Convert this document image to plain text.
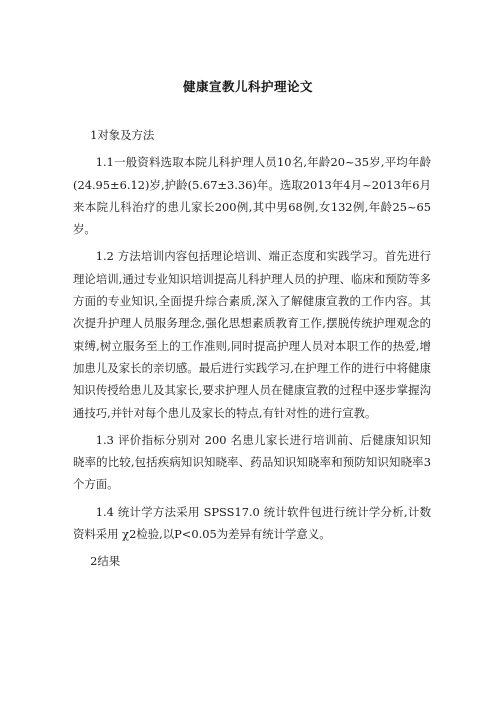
健康宣教儿科护理论文

1对象及方法

1.1一般资料选取本院儿科护理人员10名,年龄20~35岁,平均年龄(24.95±6.12)岁,护龄(5.67±3.36)年。选取2013年4月~2013年6月来本院儿科治疗的患儿家长200例,其中男68例,女132例,年龄25~65岁。

1.2 方法培训内容包括理论培训、端正态度和实践学习。首先进行理论培训,通过专业知识培训提高儿科护理人员的护理、临床和预防等多方面的专业知识,全面提升综合素质,深入了解健康宣教的工作内容。其次提升护理人员服务理念,强化思想素质教育工作,摆脱传统护理观念的束缚,树立服务至上的工作准则,同时提高护理人员对本职工作的热爱,增加患儿及家长的亲切感。最后进行实践学习,在护理工作的进行中将健康知识传授给患儿及其家长,要求护理人员在健康宣教的过程中逐步掌握沟通技巧,并针对每个患儿及家长的特点,有针对性的进行宣教。

1.3 评价指标分别对 200 名患儿家长进行培训前、后健康知识知晓率的比较,包括疾病知识知晓率、药品知识知晓率和预防知识知晓率3个方面。

1.4 统计学方法采用 SPSS17.0 统计软件包进行统计学分析,计数资料采用 χ2检验,以P<0.05为差异有统计学意义。

2结果
